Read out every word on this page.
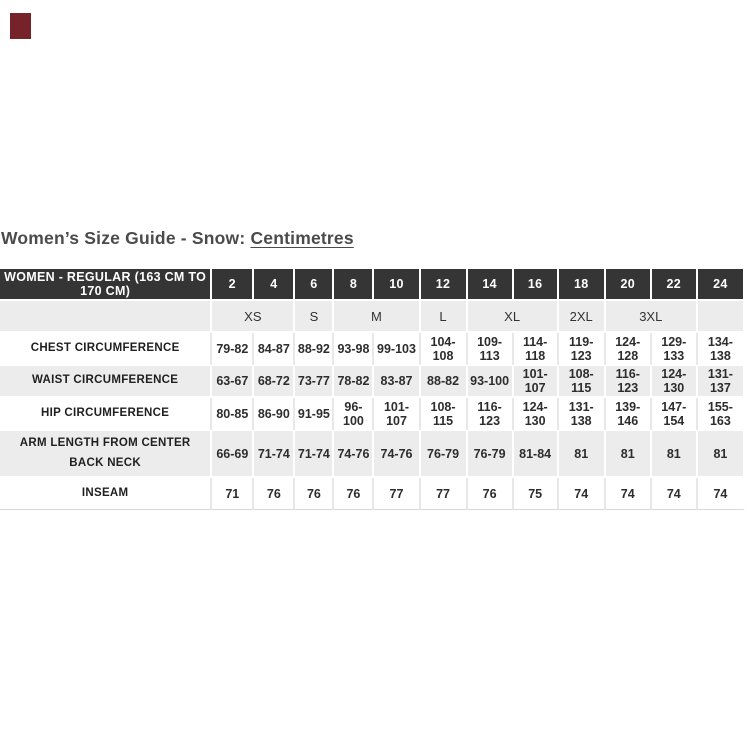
Women’s Size Guide - Snow: Centimetres
WOMEN - REGULAR (163 CM TO 170 CM)	2	4	6	8	10	12	14	16	18	20	22	24
	XS		S	M		L	XL		2XL	3XL		
CHEST CIRCUMFERENCE	79-82	84-87	88-92	93-98	99-103	104-108	109-113	114-118	119-123	124-128	129-133	134-138
WAIST CIRCUMFERENCE	63-67	68-72	73-77	78-82	83-87	88-82	93-100	101-107	108-115	116-123	124-130	131-137
HIP CIRCUMFERENCE	80-85	86-90	91-95	96-100	101-107	108-115	116-123	124-130	131-138	139-146	147-154	155-163
ARM LENGTH FROM CENTER BACK NECK	66-69	71-74	71-74	74-76	74-76	76-79	76-79	81-84	81	81	81	81
INSEAM	71	76	76	76	77	77	76	75	74	74	74	74
